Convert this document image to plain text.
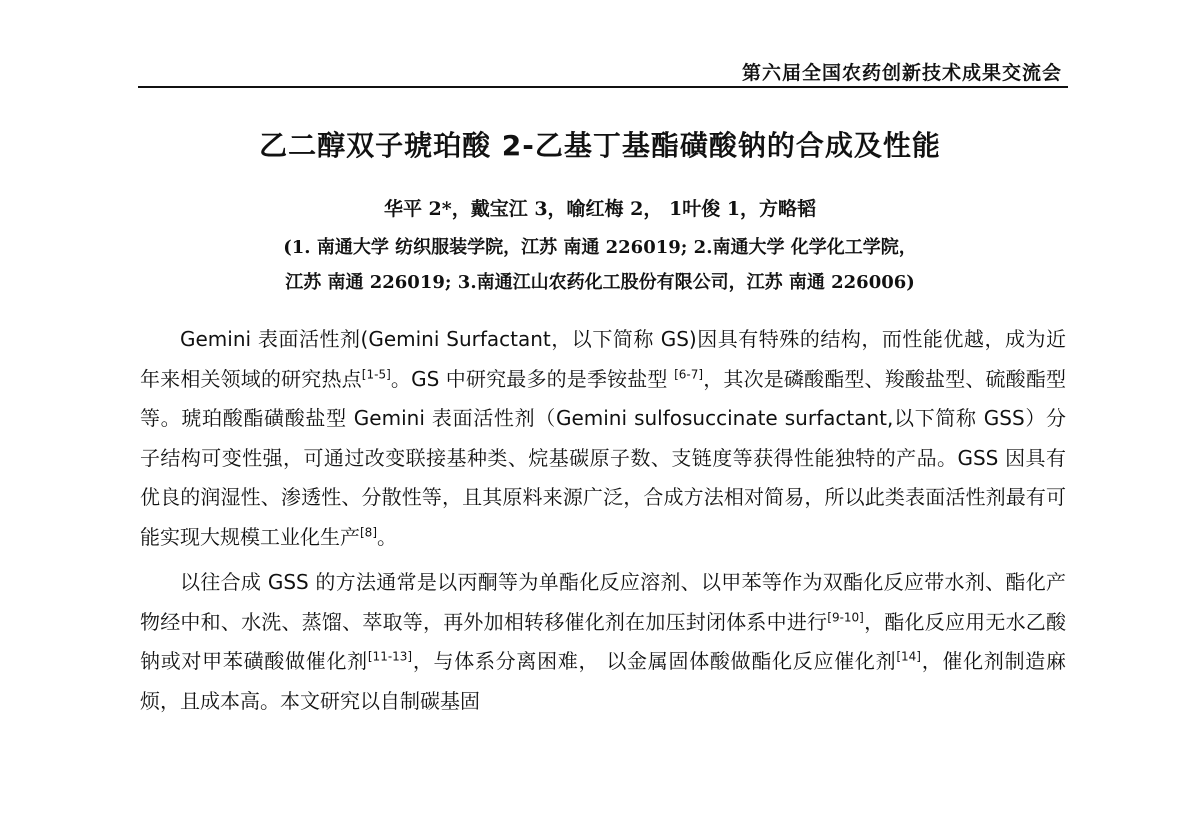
第六届全国农药创新技术成果交流会
乙二醇双子琥珀酸 2-乙基丁基酯磺酸钠的合成及性能
华平 2*，戴宝江 3，喻红梅 2， 1叶俊 1，方略韬
(1. 南通大学 纺织服装学院，江苏 南通 226019; 2.南通大学 化学化工学院，
江苏 南通 226019; 3.南通江山农药化工股份有限公司，江苏 南通 226006)

Gemini 表面活性剂(Gemini Surfactant，以下简称 GS)因具有特殊的结构，而性能优越，成为近年来相关领域的研究热点[1-5]。GS 中研究最多的是季铵盐型 [6-7]，其次是磷酸酯型、羧酸盐型、硫酸酯型等。琥珀酸酯磺酸盐型 Gemini 表面活性剂（Gemini sulfosuccinate surfactant,以下简称 GSS）分子结构可变性强，可通过改变联接基种类、烷基碳原子数、支链度等获得性能独特的产品。GSS 因具有优良的润湿性、渗透性、分散性等，且其原料来源广泛，合成方法相对简易，所以此类表面活性剂最有可能实现大规模工业化生产[8]。

以往合成 GSS 的方法通常是以丙酮等为单酯化反应溶剂、以甲苯等作为双酯化反应带水剂、酯化产物经中和、水洗、蒸馏、萃取等，再外加相转移催化剂在加压封闭体系中进行[9-10]，酯化反应用无水乙酸钠或对甲苯磺酸做催化剂[11-13]，与体系分离困难， 以金属固体酸做酯化反应催化剂[14]，催化剂制造麻烦，且成本高。本文研究以自制碳基固
